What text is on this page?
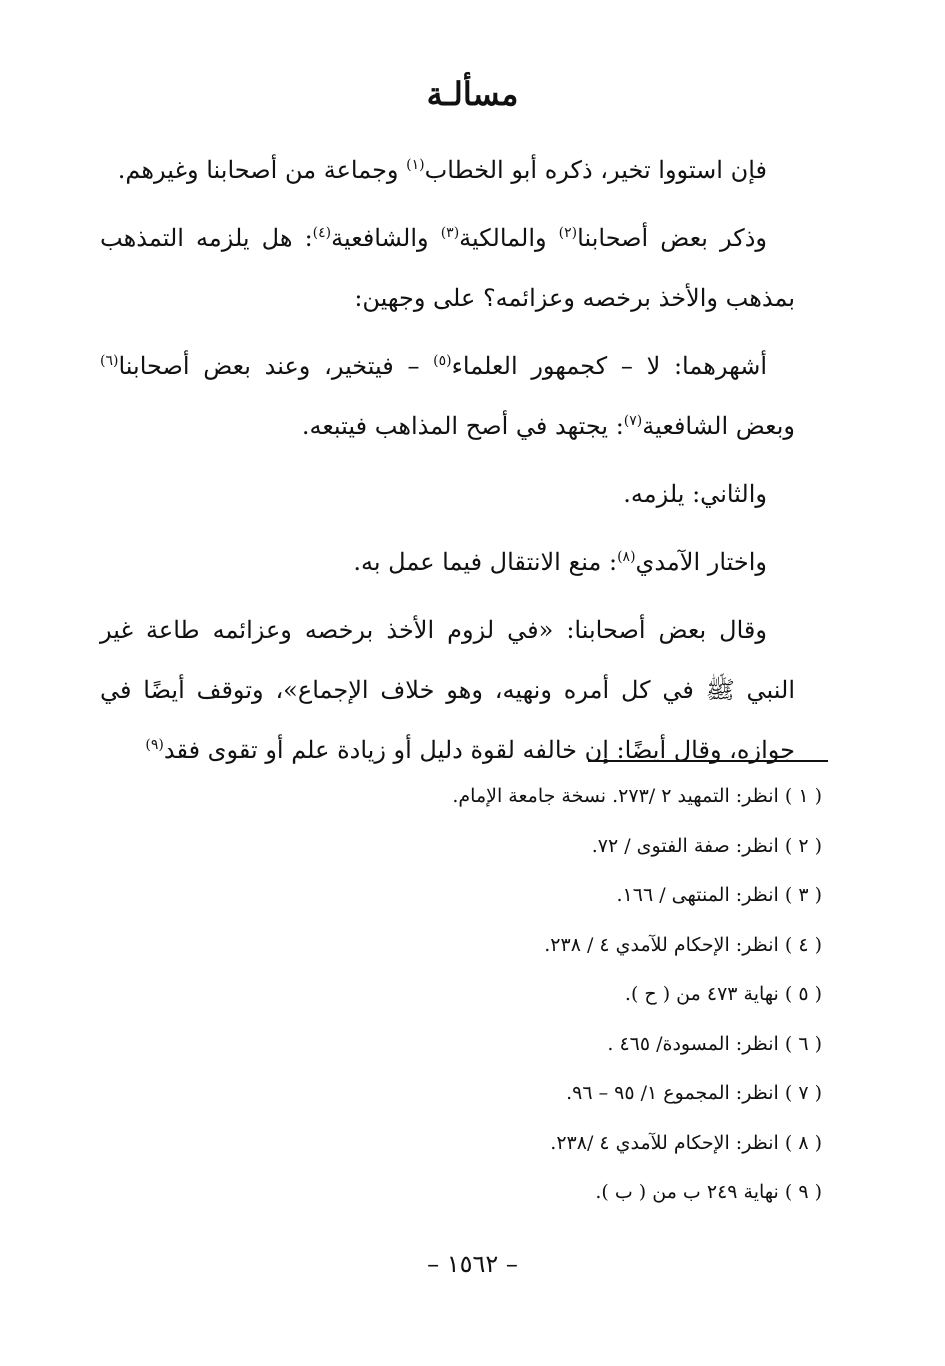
مسألـة

فإن استووا تخير، ذكره أبو الخطاب$^{(١)}$ وجماعة من أصحابنا وغيرهم.

وذكر بعض أصحابنا$^{(٢)}$ والمالكية$^{(٣)}$ والشافعية$^{(٤)}$: هل يلزمه التمذهب بمذهب والأخذ برخصه وعزائمه؟ على وجهين:

أشهرهما: لا – كجمهور العلماء$^{(٥)}$ – فيتخير، وعند بعض أصحابنا$^{(٦)}$ وبعض الشافعية$^{(٧)}$: يجتهد في أصح المذاهب فيتبعه.

والثاني: يلزمه.

واختار الآمدي$^{(٨)}$: منع الانتقال فيما عمل به.

وقال بعض أصحابنا: «في لزوم الأخذ برخصه وعزائمه طاعة غير النبي ﷺ في كل أمره ونهيه، وهو خلاف الإجماع»، وتوقف أيضًا في جوازه، وقال أيضًا: إن خالفه لقوة دليل أو زيادة علم أو تقوى فقد$^{(٩)}$

( ١ ) انظر: التمهيد ٢ /٢٧٣. نسخة جامعة الإمام.
( ٢ ) انظر: صفة الفتوى / ٧٢.
( ٣ ) انظر: المنتهى / ١٦٦.
( ٤ ) انظر: الإحكام للآمدي ٤ / ٢٣٨.
( ٥ ) نهاية ٤٧٣ من ( ح ).
( ٦ ) انظر: المسودة/ ٤٦٥ .
( ٧ ) انظر: المجموع ١/ ٩٥ – ٩٦.
( ٨ ) انظر: الإحكام للآمدي ٤ /٢٣٨.
( ٩ ) نهاية ٢٤٩ ب من ( ب ).
– ١٥٦٢ –
